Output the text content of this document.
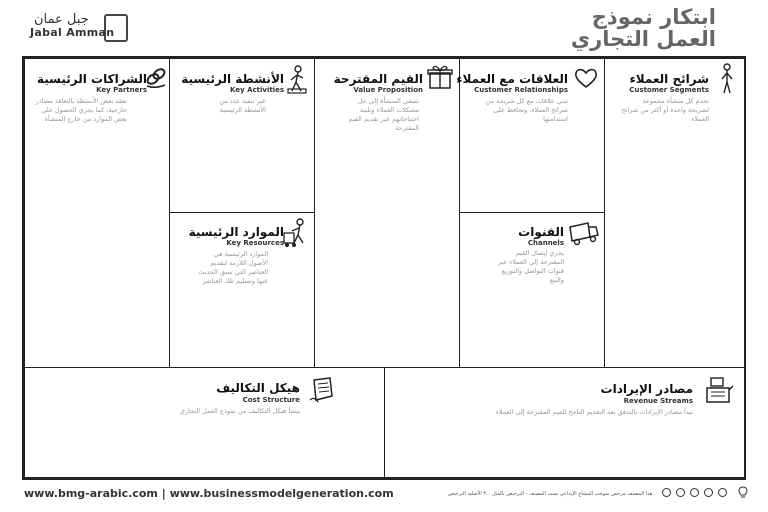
جبل عمان
Jabal Amman
ابتكار نموذج
العمل التجاري
الشراكات الرئيسية
Key Partners
تعقد بعض الأنشطة بالتعاقد مصادر خارجية، كما يجري الحصول على بعض الموارد من خارج المنشأة
الأنشطة الرئيسية
Key Activities
عبر تنفيذ عدد من الأنشطة الرئيسية
الموارد الرئيسية
Key Resources
الموارد الرئيسية هي الأصول اللازمة لتقديم العناصر التي سبق الحديث عنها وتسليم تلك العناصر
القيم المقترحة
Value Proposition
تسعى المنشأة إلى حل مشكلات العملاء وتلبية احتياجاتهم عبر تقديم القيم المقترحة
العلاقات مع العملاء
Customer Relationships
تبني علاقات مع كل شريحة من شرائح العملاء، وتحافظ على استدامتها
القنوات
Channels
يجري إيصال القيم المقترحة إلى العملاء عبر قنوات التواصل والتوزيع والبيع
شرائح العملاء
Customer Segments
تخدم كل منشأة مجموعة لشريحة واحدة أو أكثر من شرائح العملاء
هيكل التكاليف
Cost Structure
ينشأ هيكل التكاليف من نموذج العمل التجاري
مصادر الإيرادات
Revenue Streams
تبدأ مصادر الإيرادات بالتدفق بعد التقديم الناجح للقيم المقترحة إلى العملاء
www.bmg-arabic.com | www.businessmodelgeneration.com	هذا المصنف مرخص بموجب المشاع الإبداعي نسب المصنف - الترخيص بالمثل ٣.٠ الأصلية الترخيص
